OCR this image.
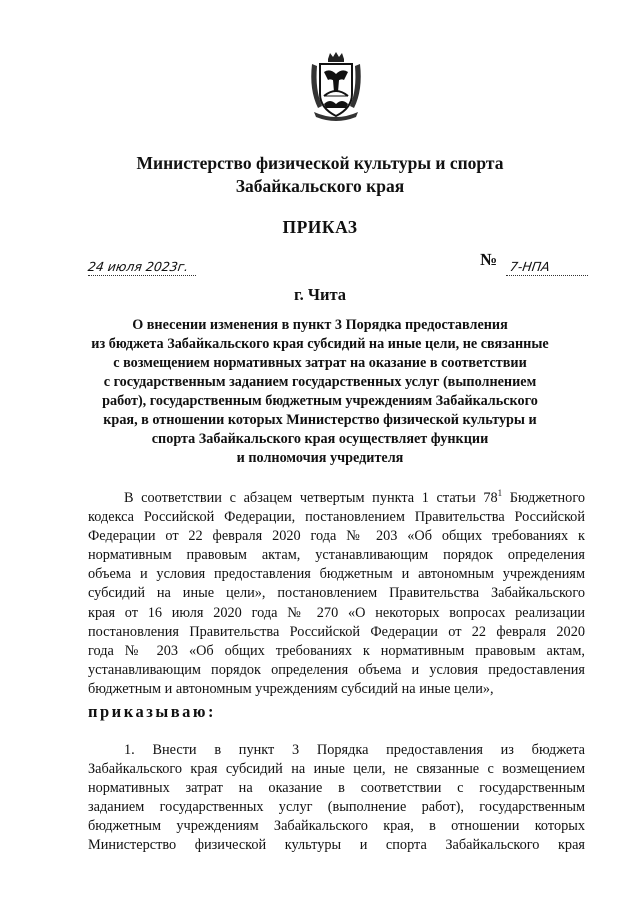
Министерство физической культуры и спорта
Забайкальского края
ПРИКАЗ
24 июля 2023г.	№ 7-НПА
г. Чита
О внесении изменения в пункт 3 Порядка предоставления
из бюджета Забайкальского края субсидий на иные цели, не связанные
с возмещением нормативных затрат на оказание в соответствии
с государственным заданием государственных услуг (выполнением
работ), государственным бюджетным учреждениям Забайкальского
края, в отношении которых Министерство физической культуры и
спорта Забайкальского края осуществляет функции
и полномочия учредителя
В соответствии с абзацем четвертым пункта 1 статьи $78^1$ Бюджетного
кодекса Российской Федерации, постановлением Правительства Российской
Федерации от 22 февраля 2020 года № 203 «Об общих требованиях к
нормативным правовым актам, устанавливающим порядок определения
объема и условия предоставления бюджетным и автономным учреждениям
субсидий на иные цели», постановлением Правительства Забайкальского
края от 16 июля 2020 года № 270 «О некоторых вопросах реализации
постановления Правительства Российской Федерации от 22 февраля 2020
года № 203 «Об общих требованиях к нормативным правовым актам,
устанавливающим порядок определения объема и условия предоставления
бюджетным и автономным учреждениям субсидий на иные цели»,
приказываю:
1. Внести в пункт 3 Порядка предоставления из бюджета
Забайкальского края субсидий на иные цели, не связанные с возмещением
нормативных затрат на оказание в соответствии с государственным
заданием государственных услуг (выполнение работ), государственным
бюджетным учреждениям Забайкальского края, в отношении которых
Министерство физической культуры и спорта Забайкальского края
